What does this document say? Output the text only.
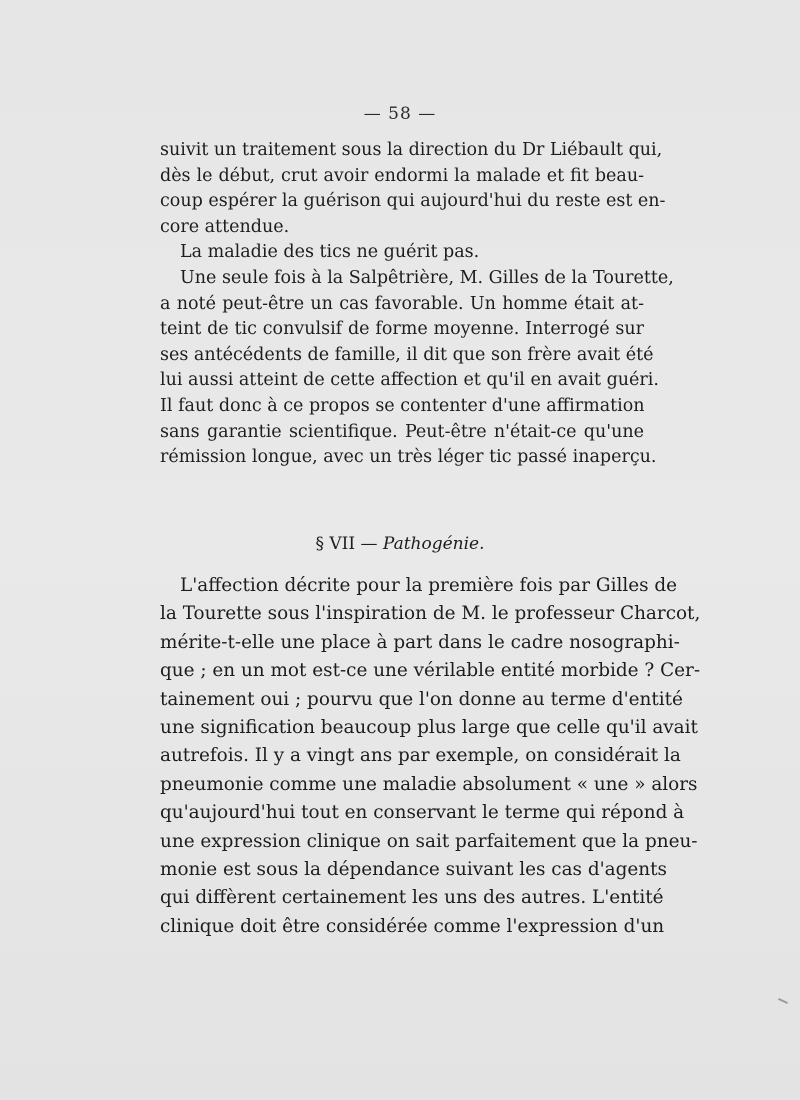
— 58 —
suivit un traitement sous la direction du Dr Liébault qui,
dès le début, crut avoir endormi la malade et fit beau-
coup espérer la guérison qui aujourd'hui du reste est en-
core attendue.
La maladie des tics ne guérit pas.
Une seule fois à la Salpêtrière, M. Gilles de la Tourette,
a noté peut-être un cas favorable. Un homme était at-
teint de tic convulsif de forme moyenne. Interrogé sur
ses antécédents de famille, il dit que son frère avait été
lui aussi atteint de cette affection et qu'il en avait guéri.
Il faut donc à ce propos se contenter d'une affirmation
sans garantie scientifique. Peut-être n'était-ce qu'une
rémission longue, avec un très léger tic passé inaperçu.
§ VII — Pathogénie.
L'affection décrite pour la première fois par Gilles de
la Tourette sous l'inspiration de M. le professeur Charcot,
mérite-t-elle une place à part dans le cadre nosographi-
que ; en un mot est-ce une vérilable entité morbide ? Cer-
tainement oui ; pourvu que l'on donne au terme d'entité
une signification beaucoup plus large que celle qu'il avait
autrefois. Il y a vingt ans par exemple, on considérait la
pneumonie comme une maladie absolument « une » alors
qu'aujourd'hui tout en conservant le terme qui répond à
une expression clinique on sait parfaitement que la pneu-
monie est sous la dépendance suivant les cas d'agents
qui diffèrent certainement les uns des autres. L'entité
clinique doit être considérée comme l'expression d'un
